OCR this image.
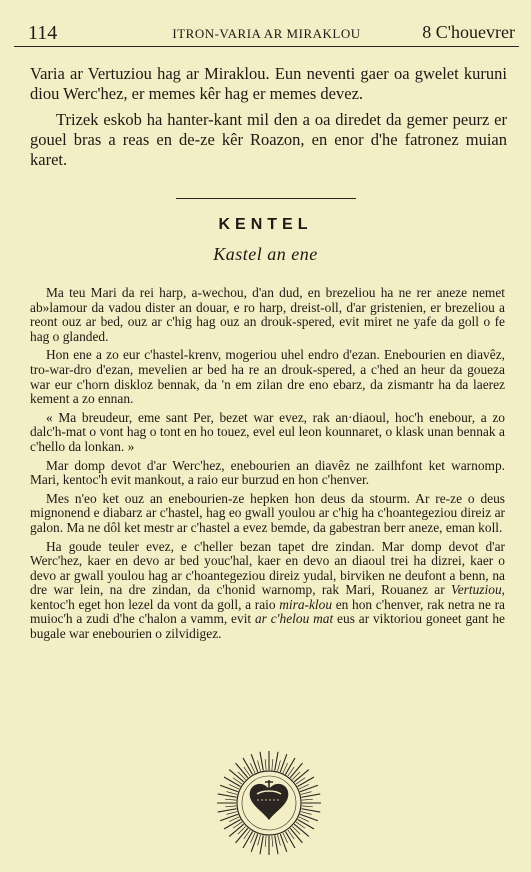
114	ITRON-VARIA AR MIRAKLOU	8 C'houevrer

Varia ar Vertuziou hag ar Miraklou. Eun neventi gaer oa gwelet kuruni diou Werc'hez, er memes kêr hag er memes devez.

Trizek eskob ha hanter-kant mil den a oa diredet da gemer peurz er gouel bras a reas en de-ze kêr Roazon, en enor d'he fatronez muian karet.

KENTEL
Kastel an ene

Ma teu Mari da rei harp, a-wechou, d'an dud, en brezeliou ha ne rer aneze nemet ab»lamour da vadou dister an douar, e ro harp, dreist-oll, d'ar gristenien, er brezeliou a reont ouz ar bed, ouz ar c'hig hag ouz an drouk-spered, evit miret ne yafe da goll o fe hag o glanded.

Hon ene a zo eur c'hastel-krenv, mogeriou uhel endro d'ezan. Enebourien en diavêz, tro-war-dro d'ezan, mevelien ar bed ha re an drouk-spered, a c'hed an heur da goueza war eur c'horn diskloz bennak, da 'n em zilan dre eno ebarz, da zismantr ha da laerez kement a zo ennan.

« Ma breudeur, eme sant Per, bezet war evez, rak an·diaoul, hoc'h enebour, a zo dalc'h-mat o vont hag o tont en ho touez, evel eul leon kounnaret, o klask unan bennak a c'hello da lonkan. »

Mar domp devot d'ar Werc'hez, enebourien an diavêz ne zailhfont ket warnomp. Mari, kentoc'h evit mankout, a raio eur burzud en hon c'henver.

Mes n'eo ket ouz an enebourien-ze hepken hon deus da stourm. Ar re-ze o deus mignonend e diabarz ar c'hastel, hag eo gwall youlou ar c'hig ha c'hoantegeziou direiz ar galon. Ma ne dôl ket mestr ar c'hastel a evez bemde, da gabestran berr aneze, eman koll.

Ha goude teuler evez, e c'heller bezan tapet dre zindan. Mar domp devot d'ar Werc'hez, kaer en devo ar bed youc'hal, kaer en devo an diaoul trei ha dizrei, kaer o devo ar gwall youlou hag ar c'hoantegeziou direiz yudal, birviken ne deufont a benn, na dre war lein, na dre zindan, da c'honid warnomp, rak Mari, Rouanez ar Vertuziou, kentoc'h eget hon lezel da vont da goll, a raio mira-klou en hon c'henver, rak netra ne ra muioc'h a zudi d'he c'halon a vamm, evit ar c'helou mat eus ar viktoriou goneet gant he bugale war enebourien o zilvidigez.
